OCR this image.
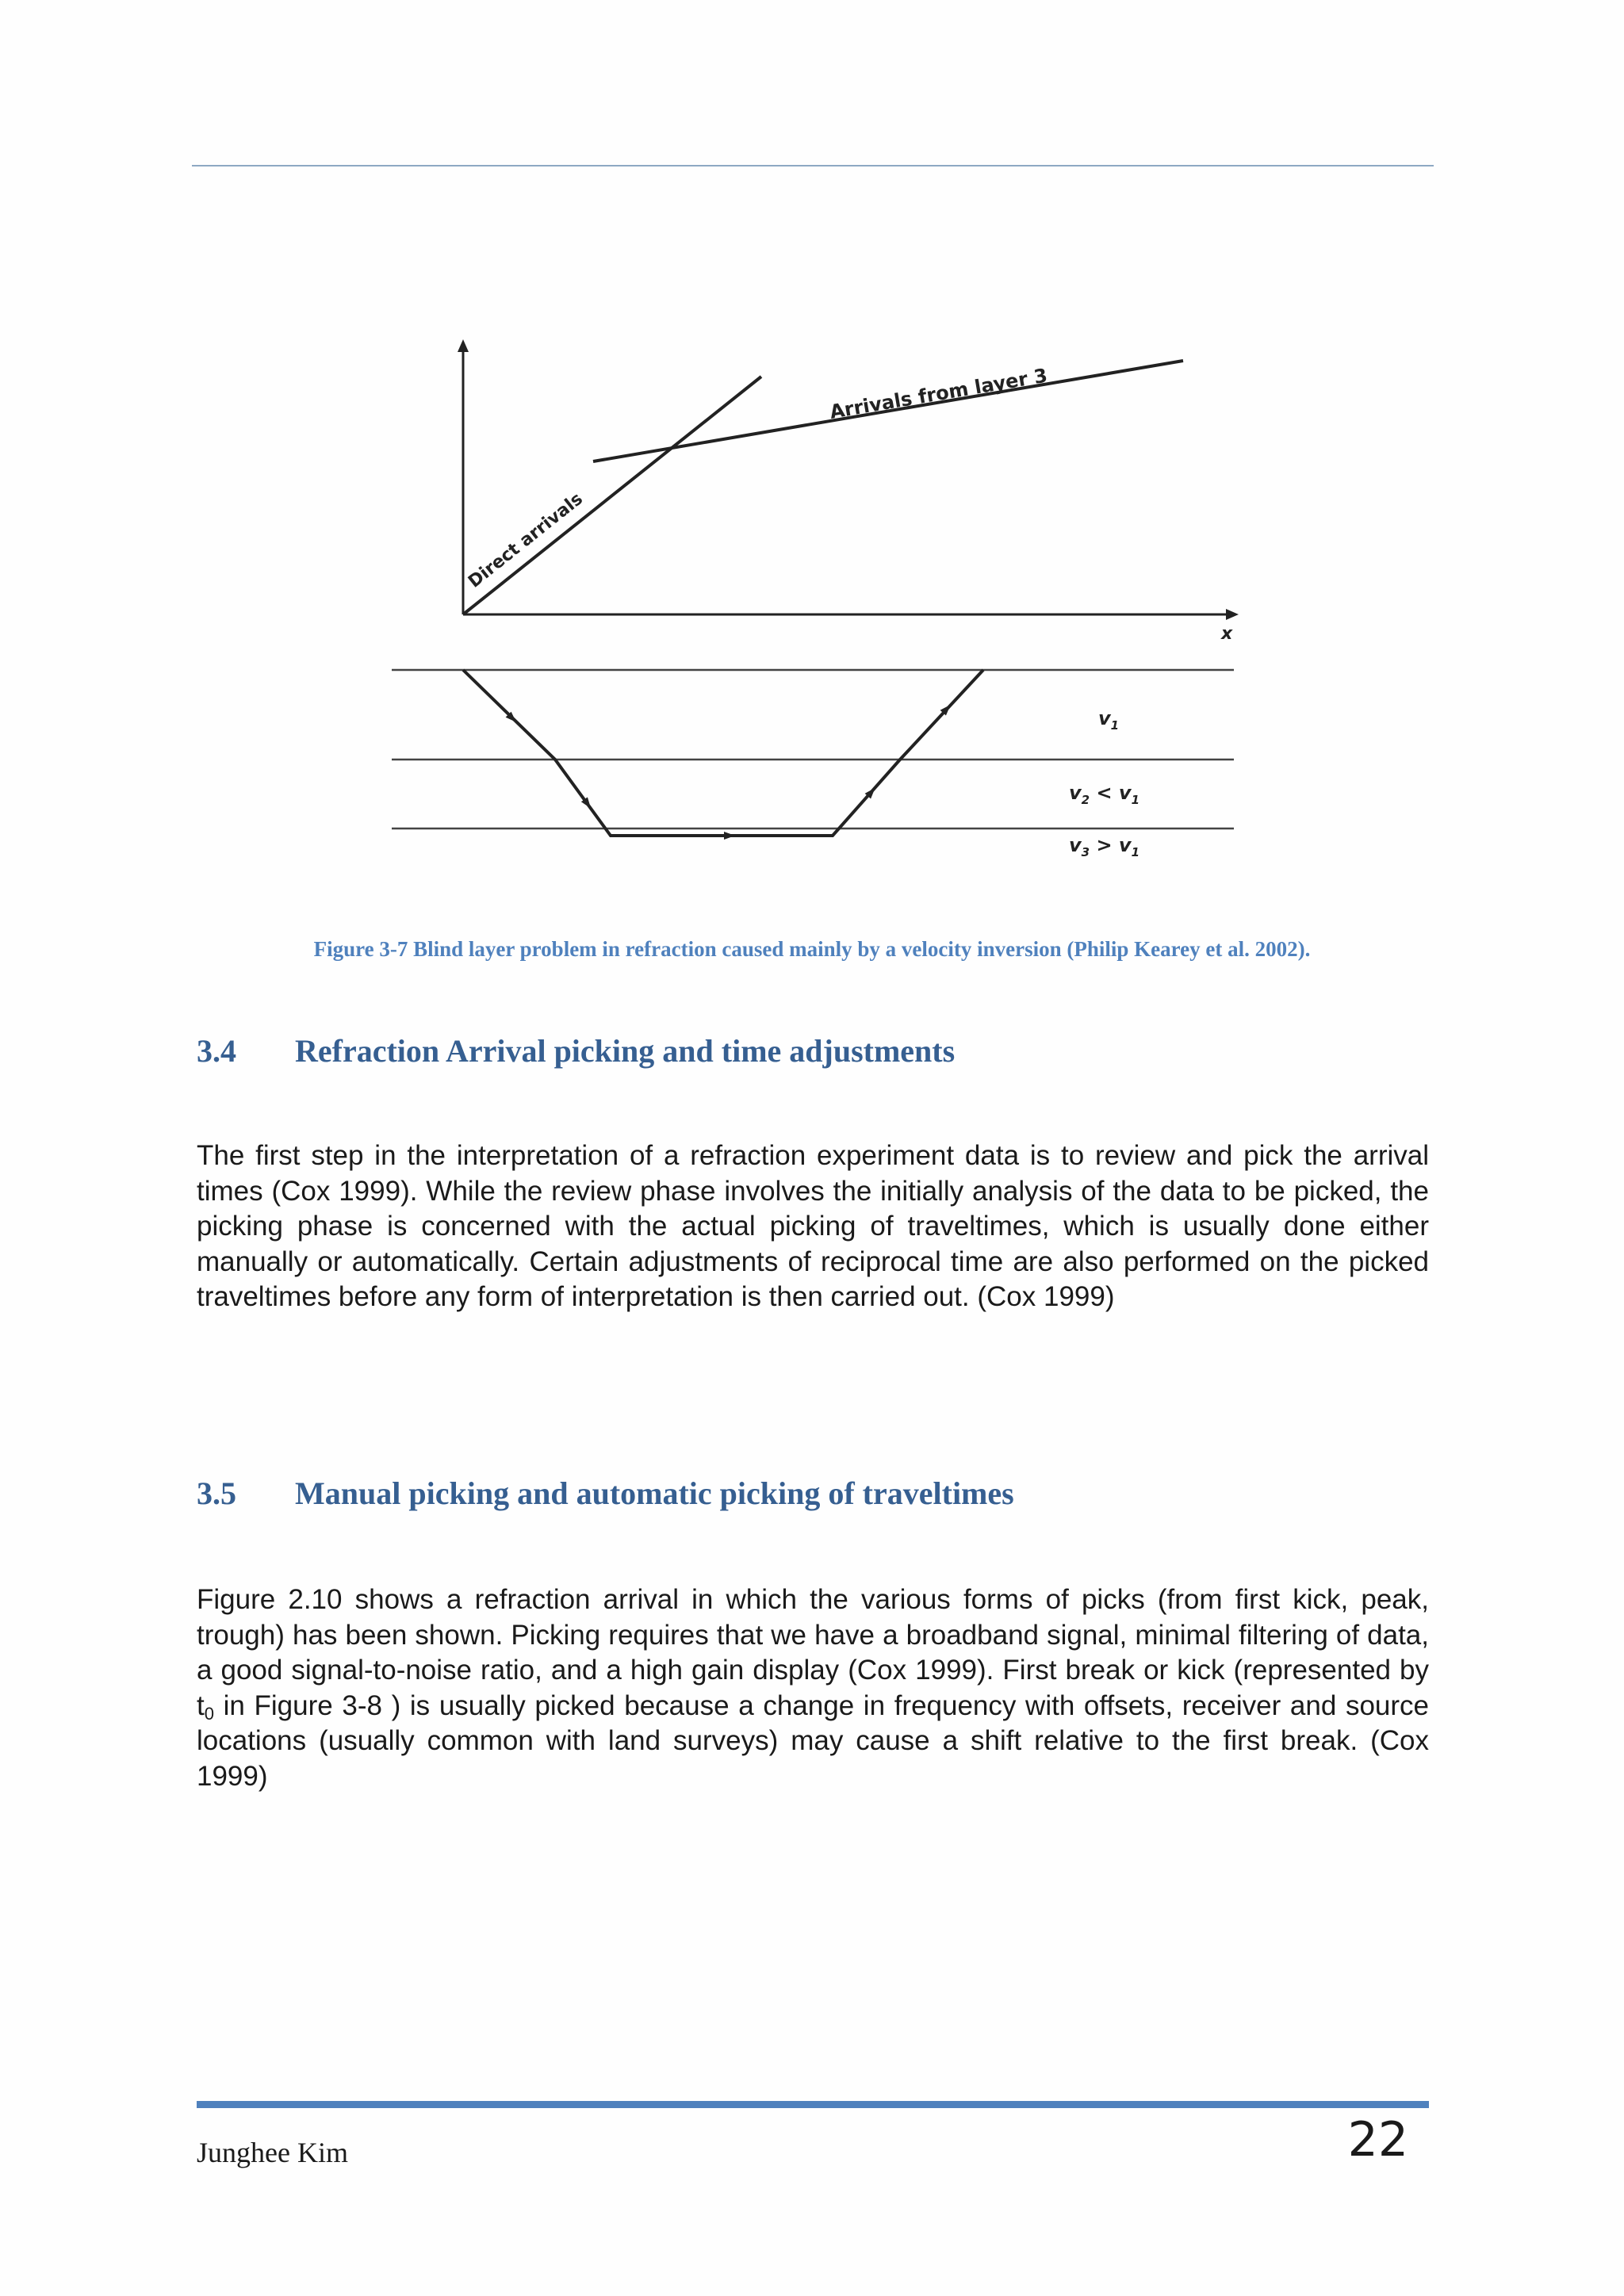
x
Direct arrivals
Arrivals from layer 3
$v_1$
$v_2 < v_1$
$v_3 > v_1$
Figure 3-7 Blind layer problem in refraction caused mainly by a velocity inversion (Philip Kearey et al. 2002).
3.4 Refraction Arrival picking and time adjustments

The first step in the interpretation of a refraction experiment data is to review and pick the arrival times (Cox 1999). While the review phase involves the initially analysis of the data to be picked, the picking phase is concerned with the actual picking of traveltimes, which is usually done either manually or automatically. Certain adjustments of reciprocal time are also performed on the picked traveltimes before any form of interpretation is then carried out. (Cox 1999)

3.5 Manual picking and automatic picking of traveltimes

Figure 2.10 shows a refraction arrival in which the various forms of picks (from first kick, peak, trough) has been shown. Picking requires that we have a broadband signal, minimal filtering of data, a good signal-to-noise ratio, and a high gain display (Cox 1999). First break or kick (represented by $t_0$ in Figure 3-8 ) is usually picked because a change in frequency with offsets, receiver and source locations (usually common with land surveys) may cause a shift relative to the first break. (Cox 1999)

Junghee Kim	22
